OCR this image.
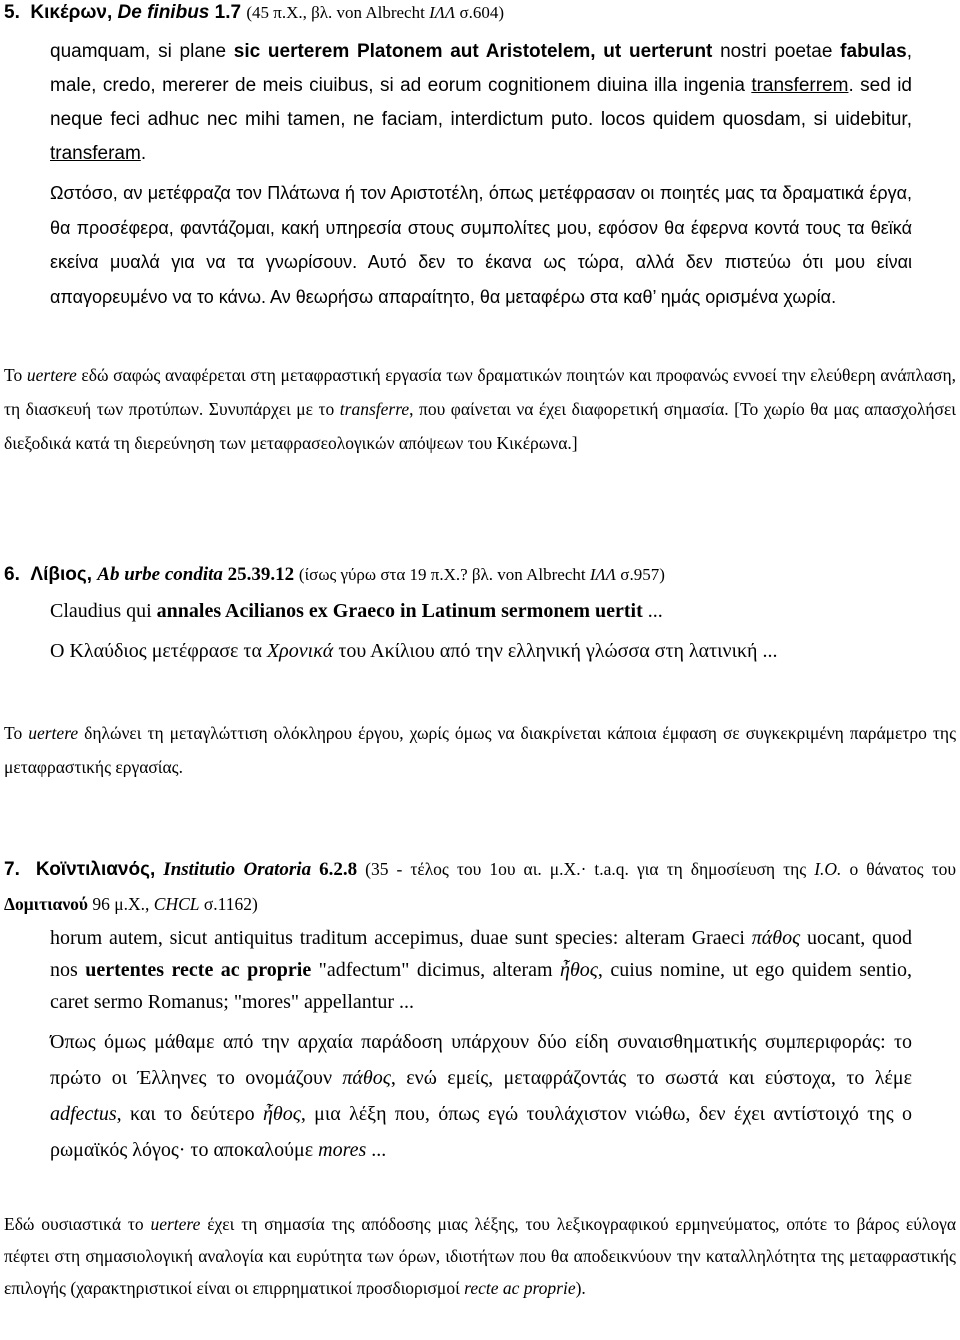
5. Κικέρων, De finibus 1.7 (45 π.Χ., βλ. von Albrecht ΙΛΛ σ.604)
quamquam, si plane sic uerterem Platonem aut Aristotelem, ut uerterunt nostri poetae fabulas, male, credo, mererer de meis ciuibus, si ad eorum cognitionem diuina illa ingenia transferrem. sed id neque feci adhuc nec mihi tamen, ne faciam, interdictum puto. locos quidem quosdam, si uidebitur, transferam.
Ωστόσο, αν μετέφραζα τον Πλάτωνα ή τον Αριστοτέλη, όπως μετέφρασαν οι ποιητές μας τα δραματικά έργα, θα προσέφερα, φαντάζομαι, κακή υπηρεσία στους συμπολίτες μου, εφόσον θα έφερνα κοντά τους τα θεϊκά εκείνα μυαλά για να τα γνωρίσουν. Αυτό δεν το έκανα ως τώρα, αλλά δεν πιστεύω ότι μου είναι απαγορευμένο να το κάνω. Αν θεωρήσω απαραίτητο, θα μεταφέρω στα καθ’ ημάς ορισμένα χωρία.
Το uertere εδώ σαφώς αναφέρεται στη μεταφραστική εργασία των δραματικών ποιητών και προφανώς εννοεί την ελεύθερη ανάπλαση, τη διασκευή των προτύπων. Συνυπάρχει με το transferre, που φαίνεται να έχει διαφορετική σημασία. [Το χωρίο θα μας απασχολήσει διεξοδικά κατά τη διερεύνηση των μεταφρασεολογικών απόψεων του Κικέρωνα.]
6. Λίβιος, Ab urbe condita 25.39.12 (ίσως γύρω στα 19 π.Χ.? βλ. von Albrecht ΙΛΛ σ.957)
Claudius qui annales Acilianos ex Graeco in Latinum sermonem uertit ...
Ο Κλαύδιος μετέφρασε τα Χρονικά του Ακίλιου από την ελληνική γλώσσα στη λατινική ...
Το uertere δηλώνει τη μεταγλώττιση ολόκληρου έργου, χωρίς όμως να διακρίνεται κάποια έμφαση σε συγκεκριμένη παράμετρο της μεταφραστικής εργασίας.
7. Κοϊντιλιανός, Institutio Oratoria 6.2.8 (35 - τέλος του 1ου αι. μ.Χ.· t.a.q. για τη δημοσίευση της I.O. ο θάνατος του Δομιτιανού 96 μ.Χ., CHCL σ.1162)
horum autem, sicut antiquitus traditum accepimus, duae sunt species: alteram Graeci πάθος uocant, quod nos uertentes recte ac proprie "adfectum" dicimus, alteram ἦθος, cuius nomine, ut ego quidem sentio, caret sermo Romanus; "mores" appellantur ...
Όπως όμως μάθαμε από την αρχαία παράδοση υπάρχουν δύο είδη συναισθηματικής συμπεριφοράς: το πρώτο οι Έλληνες το ονομάζουν πάθος, ενώ εμείς, μεταφράζοντάς το σωστά και εύστοχα, το λέμε adfectus, και το δεύτερο ἦθος, μια λέξη που, όπως εγώ τουλάχιστον νιώθω, δεν έχει αντίστοιχό της ο ρωμαϊκός λόγος· το αποκαλούμε mores ...
Εδώ ουσιαστικά το uertere έχει τη σημασία της απόδοσης μιας λέξης, του λεξικογραφικού ερμηνεύματος, οπότε το βάρος εύλογα πέφτει στη σημασιολογική αναλογία και ευρύτητα των όρων, ιδιοτήτων που θα αποδεικνύουν την καταλληλότητα της μεταφραστικής επιλογής (χαρακτηριστικοί είναι οι επιρρηματικοί προσδιορισμοί recte ac proprie).
